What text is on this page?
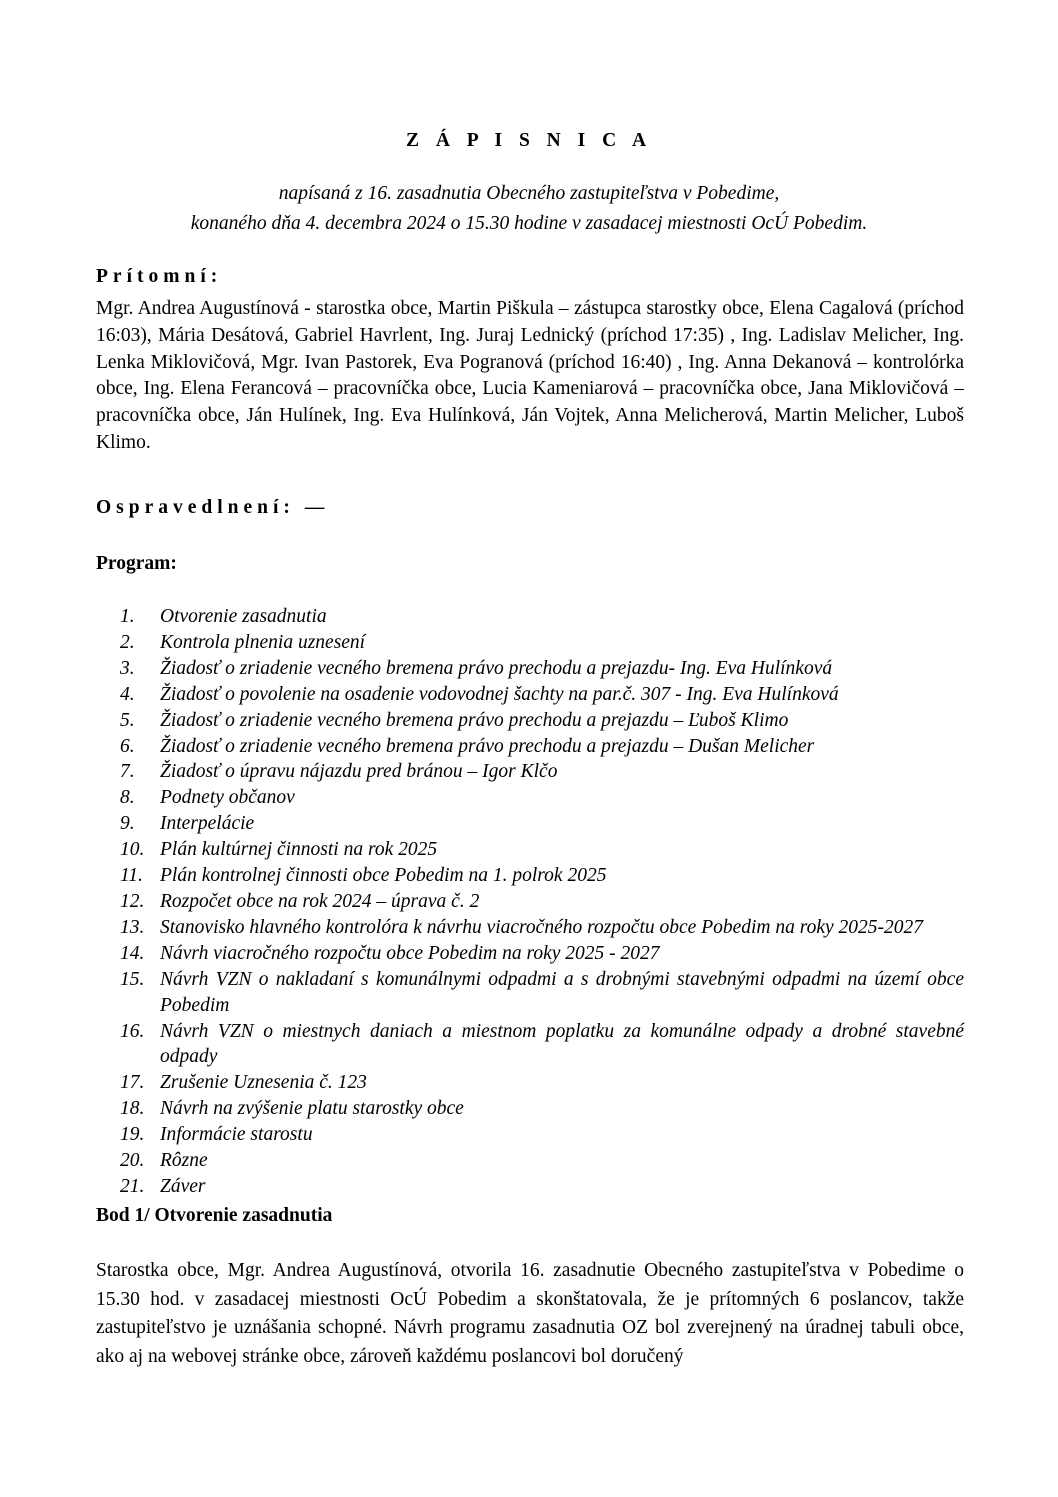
Z Á P I S N I C A
napísaná z 16. zasadnutia Obecného zastupiteľstva v Pobedime,
konaného dňa 4. decembra 2024 o 15.30 hodine v zasadacej miestnosti OcÚ Pobedim.
Prítomní:
Mgr. Andrea Augustínová - starostka obce, Martin Piškula – zástupca starostky obce, Elena Cagalová (príchod 16:03), Mária Desátová, Gabriel Havrlent, Ing. Juraj Lednický (príchod 17:35) , Ing. Ladislav Melicher, Ing. Lenka Miklovičová, Mgr. Ivan Pastorek, Eva Pogranová (príchod 16:40) , Ing. Anna Dekanová – kontrolórka obce, Ing. Elena Ferancová – pracovníčka obce, Lucia Kameniarová – pracovníčka obce, Jana Miklovičová – pracovníčka obce, Ján Hulínek, Ing. Eva Hulínková, Ján Vojtek, Anna Melicherová, Martin Melicher, Luboš Klimo.
Ospravedlnení: —
Program:
1.	Otvorenie zasadnutia
2.	Kontrola plnenia uznesení
3.	Žiadosť o zriadenie vecného bremena právo prechodu a prejazdu- Ing. Eva Hulínková
4.	Žiadosť o povolenie na osadenie vodovodnej šachty na par.č. 307 - Ing. Eva Hulínková
5.	Žiadosť o zriadenie vecného bremena právo prechodu a prejazdu – Ľuboš Klimo
6.	Žiadosť o zriadenie vecného bremena právo prechodu a prejazdu – Dušan Melicher
7.	Žiadosť o úpravu nájazdu pred bránou – Igor Klčo
8.	Podnety občanov
9.	Interpelácie
10. Plán kultúrnej činnosti na rok 2025
11. Plán kontrolnej činnosti obce Pobedim na 1. polrok 2025
12. Rozpočet obce na rok 2024 – úprava č. 2
13. Stanovisko hlavného kontrolóra k návrhu viacročného rozpočtu obce Pobedim na roky 2025-2027
14. Návrh viacročného rozpočtu obce Pobedim na roky 2025 - 2027
15. Návrh VZN o nakladaní s komunálnymi odpadmi a s drobnými stavebnými odpadmi na území obce Pobedim
16. Návrh VZN o miestnych daniach a miestnom poplatku za komunálne odpady a drobné stavebné odpady
17. Zrušenie Uznesenia č. 123
18. Návrh na zvýšenie platu starostky obce
19. Informácie starostu
20. Rôzne
21. Záver
Bod 1/ Otvorenie zasadnutia
Starostka obce, Mgr. Andrea Augustínová, otvorila 16. zasadnutie Obecného zastupiteľstva v Pobedime o 15.30 hod. v zasadacej miestnosti OcÚ Pobedim a skonštatovala, že je prítomných 6 poslancov, takže zastupiteľstvo je uznášania schopné. Návrh programu zasadnutia OZ bol zverejnený na úradnej tabuli obce, ako aj na webovej stránke obce, zároveň každému poslancovi bol doručený
